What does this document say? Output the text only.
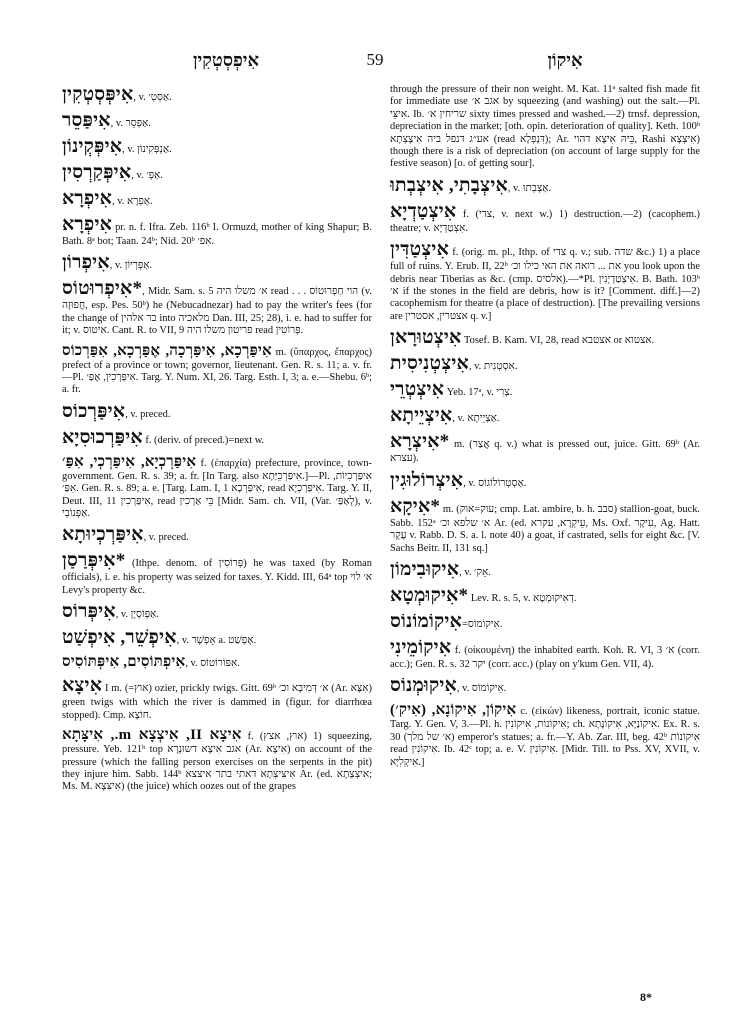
אִיפְסְטְקִין	59	אִיקוֹן
אִיפְּסְטְקִין, v. אַסְּטְ׳.
אִיפַּסֵר, v. אַפְּסֵר.
אִיפְּקְינוֹן, v. אַנְפְּקִינוֹן.
אִיפְּקַרְסִין, v. אַפְּ׳.
אִיפְרָא, v. אַפְרָא.
אִיפְרָא pr. n. f. Ifra. Zeb. 116ᵇ I. Ormuzd, mother of king Shapur; B. Bath. 8ᵃ bot; Taan. 24ᵇ; Nid. 20ᵇ אִפ׳.
אִיפְרוֹן, v. אַפְּרְיוֹן.
*אִיפְרוּטוֹס, Midr. Sam. s. 5 א׳ משלו היה read . . . הוי חַפְרוּטוֹס (v. חֲפוּזָה, esp. Pes. 50ᵇ) he (Nebucadnezar) had to pay the writer's fees (for the change of בר אלהין into מלאכיה Dan. III, 25; 28), i. e. had to suffer for it; v. איטוס. Cant. R. to VII, 9 פריטון משלו היה read פְּרוֹטִין.
אִיפַּרְכָא, אִיפַּרְכָה, אֶפַּרְכָא, אִפַּרְכוֹס m. (ὕπαρχος, ἔπαρχος) prefect of a province or town; governor, lieutenant. Gen. R. s. 11; a. v. fr.—Pl. אִיפַּרְכִין, אֶפַּ׳. Targ. Y. Num. XI, 26. Targ. Esth. I, 3; a. e.—Shebu. 6ᵇ; a. fr.
אִיפַּרְכוֹס, v. preced.
אִיפַּרְכוּסִיָא f. (deriv. of preced.)=next w.
אִיפַּרְכְיָא, אִיפַּרְכְי, אִפַּ׳ f. (ἐπαρχία) prefecture, province, town-government. Gen. R. s. 39; a. fr. [In Targ. also אִיפַּרְכֵיַּתָא.]—Pl. אִיפַּרְכִיוֹת, אִפַּ׳. Gen. R. s. 89; a. e. [Targ. Lam. I, 1 אִיפַּרְכָא, read אִיפַּרְכְיָא. Targ. Y. II, Deut. III, 11 אִיפַּרְכִין, read בֵּי אַרְכִין [Midr. Sam. ch. VII, (Var. לְאַפַּ׳), v. אַפְּנוֹבְי.
אִיפַּרְכְיוּתָא, v. preced.
*אִיפְּרַסַן (Ithpe. denom. of פְּרוֹסִין) he was taxed (by Roman officials), i. e. his property was seized for taxes. Y. Kidd. III, 64ᵃ top א׳ לוי Levy's property &c.
אִיפְּרוֹס, v. אַפְּוֹסְיָן.
אִיפְשֵׁר, אִיפְשַׁט, v. אָפְשָׁר a. אֶפְשַׁט.
אִיפְתּוֹסִים, אִיפְּתּוֹסִיס, v. אִפּוֹרוֹטוֹס.
אִיצָא I m. (=אוץ) ozier, prickly twigs. Gitt. 69ᵇ א׳ דְּמִיבָּא וכ׳ (Ar. אִצָּא) green twigs with which the river is dammed in (figur. for diarrhœa stopped). Cmp. חוֹצָא.
אִיצָא II, אִיצְצָא m., אִיצָּתָא f. (אוץ, אצץ) 1) squeezing, pressure. Yeb. 121ᵇ top אגב אִיצָא דשוּנְרָא (Ar. אִיצָא) on account of the pressure (which the falling person exercises on the serpents in the pit) they injure him. Sabb. 144ᵇ אִיצִּיצְתָא דאתי בתר איצצא Ar. (ed. אִיצְצְתָא; Ms. M. אִיצִּצָא) (the juice) which oozes out of the grapes
through the pressure of their non weight. M. Kat. 11ᵃ salted fish made fit for immediate use אגב א׳ by squeezing (and washing) out the salt.—Pl. אִיצֵּי. Ib. שריחין א׳ sixty times pressed and washed.—2) trnsf. depression, depreciation in the market; [oth. opin. deterioration of quality]. Keth. 100ᵇ אע״ג דנפל ביה אִיצָצְתָא (read דִּנְפְלָא); Ar. בֵּיהּ אִיצָא דהוי, Rashi אִיצְצָא) though there is a risk of depreciation (on account of large supply for the festive season) [o. of getting sour].
אִיצְבָתִי, אִיצְבְתוּ, v. אַצְבְתוּ.
אִיצְטַדְיָא f. (צדי, v. next w.) 1) destruction.—2) (cacophem.) theatre; v. אִצְטַדְיָא.
אִיצְטַדִּין f. (orig. m. pl., Ithp. of צדי q. v.; sub. שדה &c.) 1) a place full of ruins. Y. Erub. II, 22ᵇ את ... רואה את האי כילו וכ׳ you look upon the debris near Tiberias as &c. (cmp. אלסיס).—*Pl. אִיצְטַדְיָנִין. B. Bath. 103ᵇ א׳ if the stones in the field are debris, how is it? [Comment. diff.]—2) cacophemism for theatre (a place of destruction). [The prevailing versions are אצטרין, אסטרין q. v.]
אִיצְטוּרָאן Tosef. B. Kam. VI, 28, read אצטבא or אצטוא.
אִיצְטְנִיסִית, v. אִסְטְנִית.
אִיצְטְרֵי Yeb. 17ᵃ, v. צְרִי.
אִיצְיֵיתָא, v. אַצְיֵיתָא.
*אִיצְרָא m. (אֲצַר q. v.) what is pressed out, juice. Gitt. 69ᵇ (Ar. עצרא).
אִיצְרוֹלוּגִין, v. אַסְטְרוֹלוֹגוֹס.
*אִיקָא m. (עוק=אוק; cmp. Lat. ambire, b. h. סבב) stallion-goat, buck. Sabb. 152ᵃ א׳ שלפא וכ׳ Ar. (ed. עֵיקְרָא, עקרא, Ms. Oxf. עִיקָר, Ag. Hatt. עֶקָר v. Rabb. D. S. a. l. note 40) a goat, if castrated, sells for eight &c. [V. Sachs Beitr. II, 131 sq.]
אִיקוּבִימוֹן, v. אֵק׳.
*אִיקוּמְטָא Lev. R. s. 5, v. דְאִיקוּמְטָא.
אִיקוֹמוֹנוֹס=אִיקוֹמוֹס.
אִיקוֹמֵינִי f. (οἰκουμένη) the inhabited earth. Koh. R. VI, 3 א׳ (corr. acc.); Gen. R. s. 32 יקר (corr. acc.) (play on y'kum Gen. VII, 4).
אִיקוּמְנוֹס, v. אֵיקוֹמוֹס.
אִיקוֹן, אִיקוֹנָא, (אִיק׳) c. (εἰκών) likeness, portrait, iconic statue. Targ. Y. Gen. V, 3.—Pl. h. אִיקוֹנוֹת, אִיקוֹנִין; ch. אִיקוֹנַיָּא, אִיקוֹנָתָא. Ex. R. s. 30 (א׳ של מלך) emperor's statues; a. fr.—Y. Ab. Zar. III, beg. 42ᵇ אִיקוֹנוֹת read אִיקוֹנִין. Ib. 42ᶜ top; a. e. V. אִיקוֹנִין. [Midr. Till. to Pss. XV, XVII, v. אִיקְלִיָּא.]
8*
